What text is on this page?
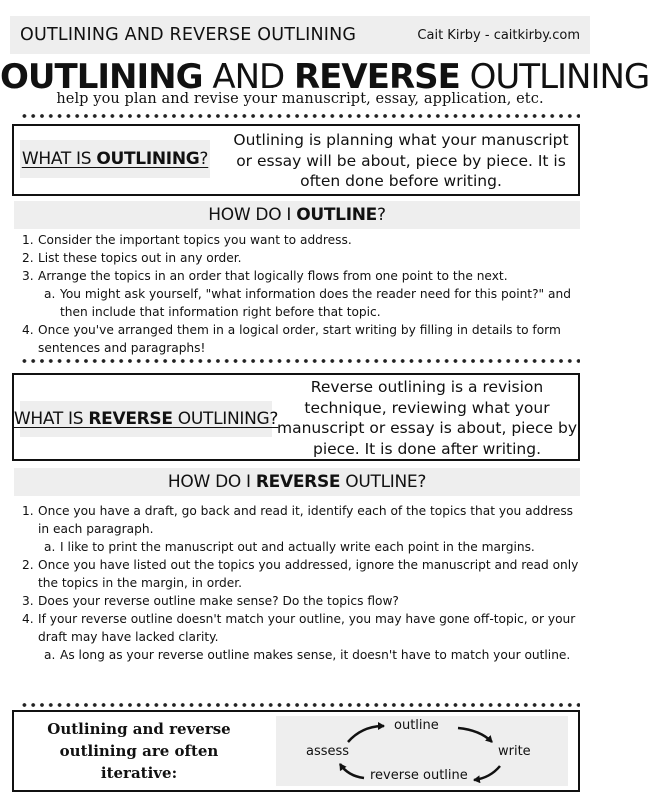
OUTLINING AND REVERSE OUTLINING	Cait Kirby - caitkirby.com
OUTLINING AND REVERSE OUTLINING
help you plan and revise your manuscript, essay, application, etc.
WHAT IS OUTLINING?
Outlining is planning what your manuscript or essay will be about, piece by piece. It is often done before writing.
HOW DO I OUTLINE?
1. Consider the important topics you want to address.
2. List these topics out in any order.
3. Arrange the topics in an order that logically flows from one point to the next.
a. You might ask yourself, "what information does the reader need for this point?" and then include that information right before that topic.
4. Once you've arranged them in a logical order, start writing by filling in details to form sentences and paragraphs!
WHAT IS REVERSE OUTLINING?
Reverse outlining is a revision technique, reviewing what your manuscript or essay is about, piece by piece. It is done after writing.
HOW DO I REVERSE OUTLINE?
1. Once you have a draft, go back and read it, identify each of the topics that you address in each paragraph.
a. I like to print the manuscript out and actually write each point in the margins.
2. Once you have listed out the topics you addressed, ignore the manuscript and read only the topics in the margin, in order.
3. Does your reverse outline make sense? Do the topics flow?
4. If your reverse outline doesn't match your outline, you may have gone off-topic, or your draft may have lacked clarity.
a. As long as your reverse outline makes sense, it doesn't have to match your outline.
Outlining and reverse outlining are often iterative:
outline
write
reverse outline
assess
